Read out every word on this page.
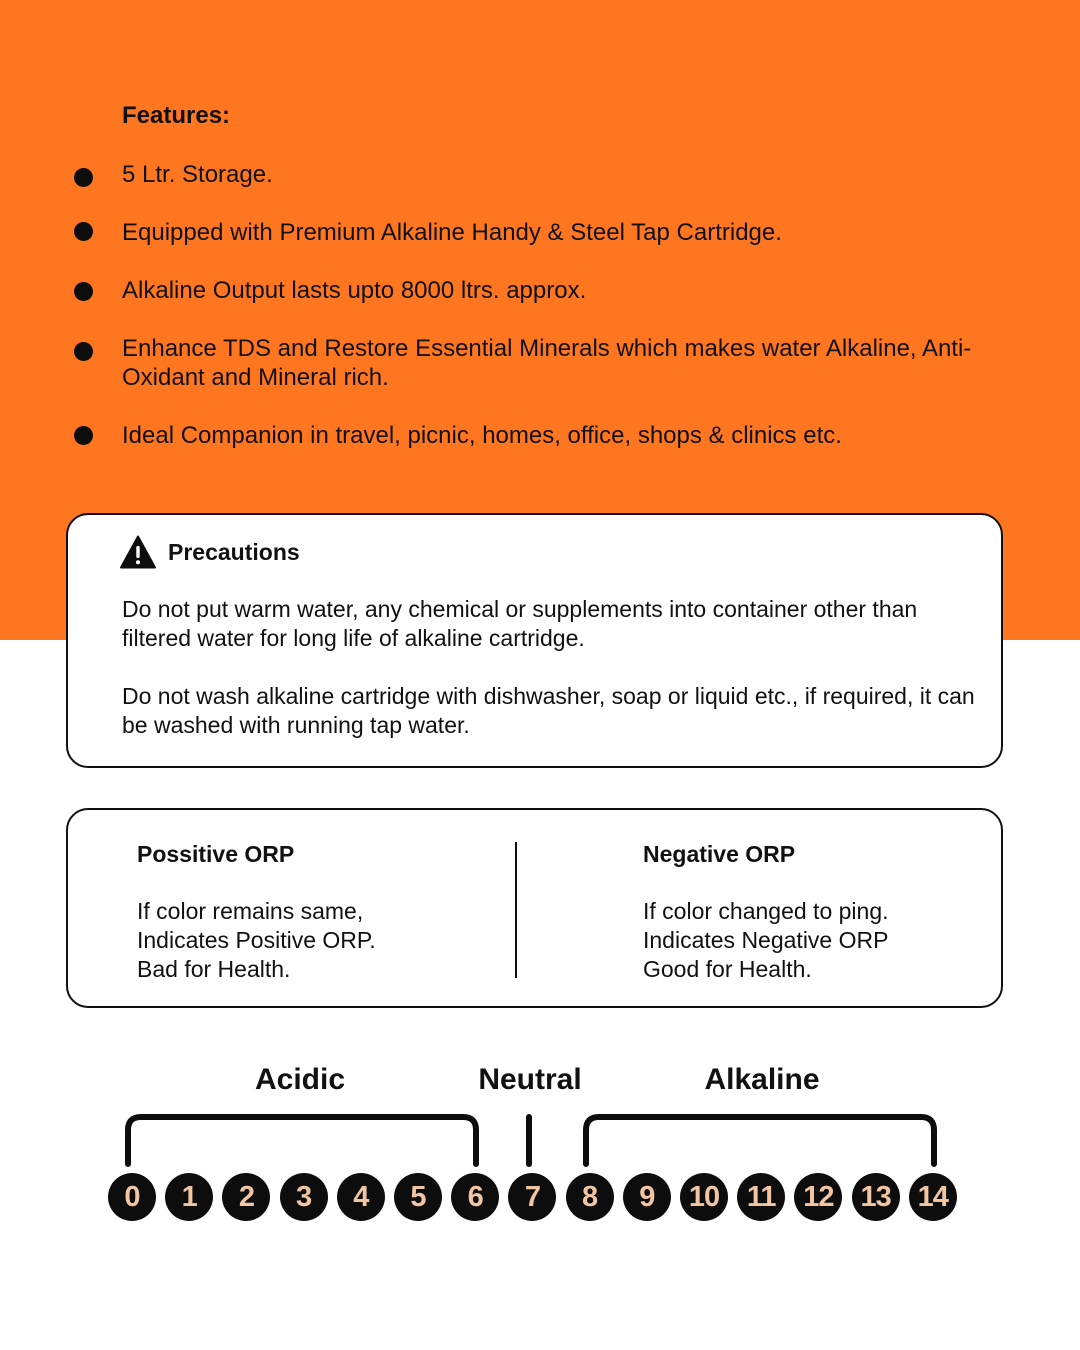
Features:
5 Ltr. Storage.
Equipped with Premium Alkaline Handy & Steel Tap Cartridge.
Alkaline Output lasts upto 8000 ltrs. approx.
Enhance TDS and Restore Essential Minerals which makes water Alkaline, Anti-Oxidant and Mineral rich.
Ideal Companion in travel, picnic, homes, office, shops & clinics etc.
Precautions
Do not put warm water, any chemical or supplements into container other than filtered water for long life of alkaline cartridge.
Do not wash alkaline cartridge with dishwasher, soap or liquid etc., if required, it can be washed with running tap water.
Possitive ORP
If color remains same,
Indicates Positive ORP.
Bad for Health.
Negative ORP
If color changed to ping.
Indicates Negative ORP
Good for Health.
Acidic	Neutral	Alkaline
0	1	2	3	4	5	6	7	8	9	10 11 12 13 14
